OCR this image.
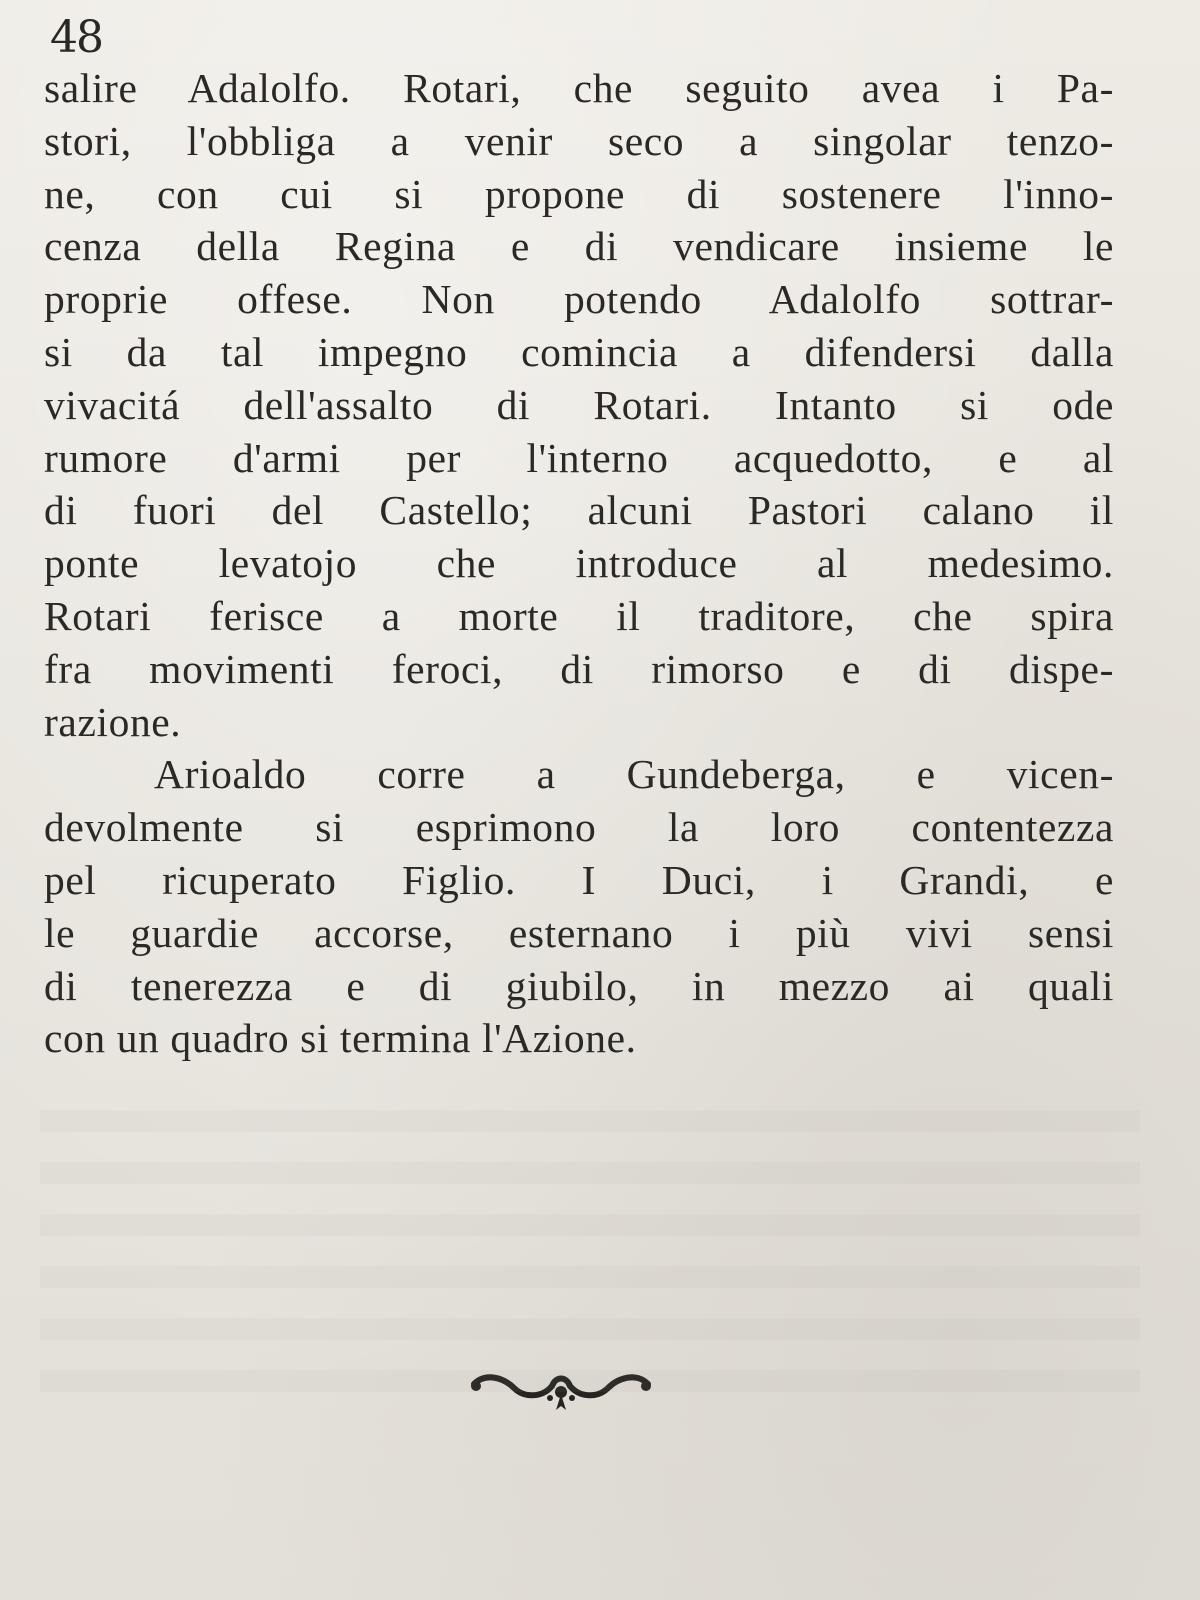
48
salire Adalolfo. Rotari, che seguito avea i Pa-
stori, l'obbliga a venir seco a singolar tenzo-
ne, con cui si propone di sostenere l'inno-
cenza della Regina e di vendicare insieme le
proprie offese. Non potendo Adalolfo sottrar-
si da tal impegno comincia a difendersi dalla
vivacitá dell'assalto di Rotari. Intanto si ode
rumore d'armi per l'interno acquedotto, e al
di fuori del Castello; alcuni Pastori calano il
ponte levatojo che introduce al medesimo.
Rotari ferisce a morte il traditore, che spira
fra movimenti feroci, di rimorso e di dispe-
razione.
Arioaldo corre a Gundeberga, e vicen-
devolmente si esprimono la loro contentezza
pel ricuperato Figlio. I Duci, i Grandi, e
le guardie accorse, esternano i più vivi sensi
di tenerezza e di giubilo, in mezzo ai quali
con un quadro si termina l'Azione.
